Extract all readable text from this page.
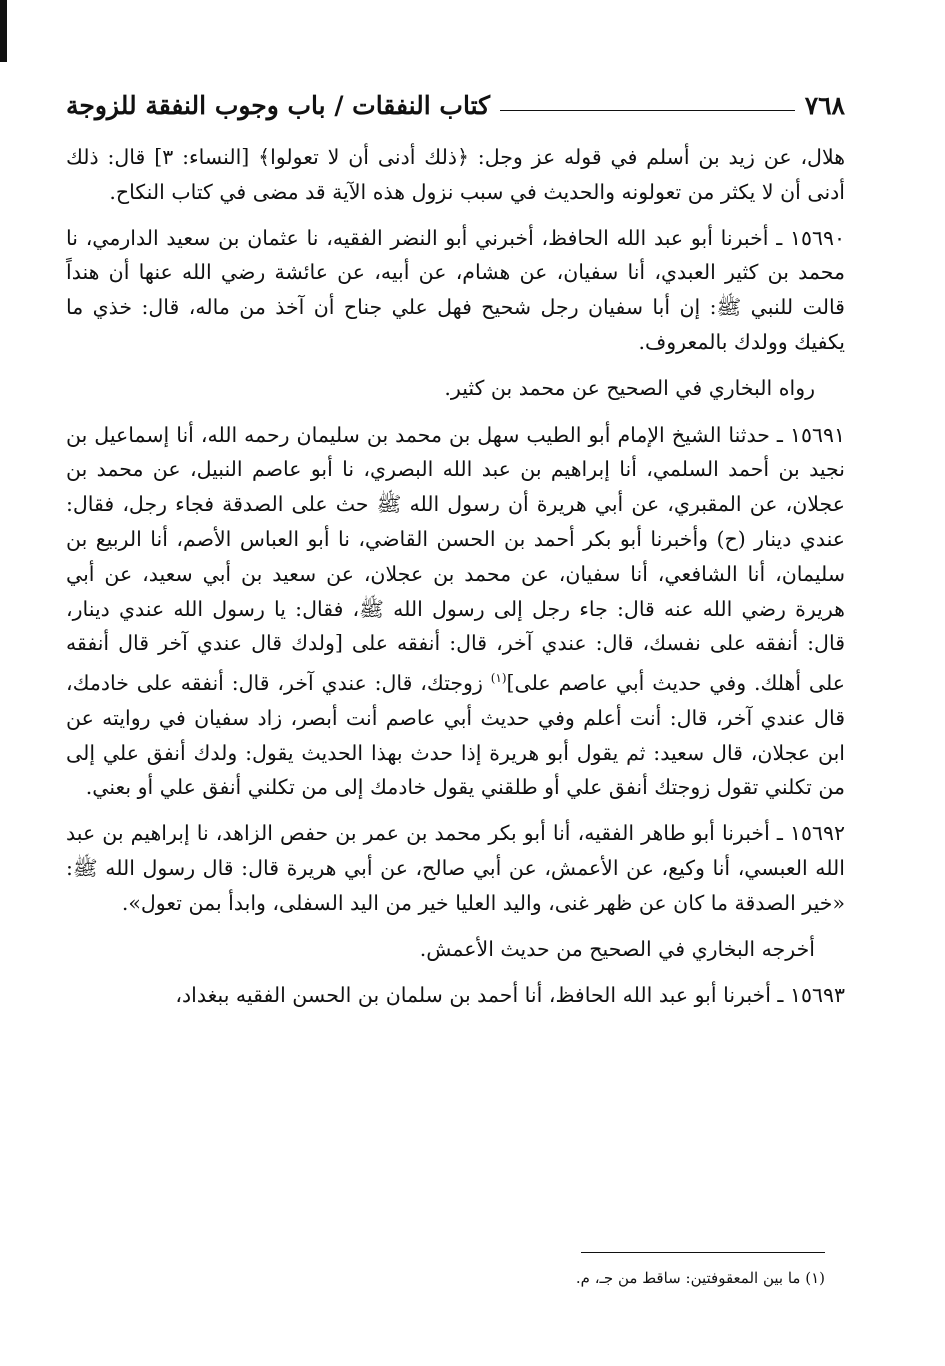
٧٦٨
كتاب النفقات / باب وجوب النفقة للزوجة

هلال، عن زيد بن أسلم في قوله عز وجل: ﴿ذلك أدنى أن لا تعولوا﴾ [النساء: ٣] قال: ذلك أدنى أن لا يكثر من تعولونه والحديث في سبب نزول هذه الآية قد مضى في كتاب النكاح.

١٥٦٩٠ ـ أخبرنا أبو عبد الله الحافظ، أخبرني أبو النضر الفقيه، نا عثمان بن سعيد الدارمي، نا محمد بن كثير العبدي، أنا سفيان، عن هشام، عن أبيه، عن عائشة رضي الله عنها أن هنداً قالت للنبي ﷺ: إن أبا سفيان رجل شحيح فهل علي جناح أن آخذ من ماله، قال: خذي ما يكفيك وولدك بالمعروف.

رواه البخاري في الصحيح عن محمد بن كثير.

١٥٦٩١ ـ حدثنا الشيخ الإمام أبو الطيب سهل بن محمد بن سليمان رحمه الله، أنا إسماعيل بن نجيد بن أحمد السلمي، أنا إبراهيم بن عبد الله البصري، نا أبو عاصم النبيل، عن محمد بن عجلان، عن المقبري، عن أبي هريرة أن رسول الله ﷺ حث على الصدقة فجاء رجل، فقال: عندي دينار (ح) وأخبرنا أبو بكر أحمد بن الحسن القاضي، نا أبو العباس الأصم، أنا الربيع بن سليمان، أنا الشافعي، أنا سفيان، عن محمد بن عجلان، عن سعيد بن أبي سعيد، عن أبي هريرة رضي الله عنه قال: جاء رجل إلى رسول الله ﷺ، فقال: يا رسول الله عندي دينار، قال: أنفقه على نفسك، قال: عندي آخر، قال: أنفقه على [ولدك قال عندي آخر قال أنفقه على أهلك. وفي حديث أبي عاصم على]$^{(١)}$ زوجتك، قال: عندي آخر، قال: أنفقه على خادمك، قال عندي آخر، قال: أنت أعلم وفي حديث أبي عاصم أنت أبصر، زاد سفيان في روايته عن ابن عجلان، قال سعيد: ثم يقول أبو هريرة إذا حدث بهذا الحديث يقول: ولدك أنفق علي إلى من تكلني تقول زوجتك أنفق علي أو طلقني يقول خادمك إلى من تكلني أنفق علي أو بعني.

١٥٦٩٢ ـ أخبرنا أبو طاهر الفقيه، أنا أبو بكر محمد بن عمر بن حفص الزاهد، نا إبراهيم بن عبد الله العبسي، أنا وكيع، عن الأعمش، عن أبي صالح، عن أبي هريرة قال: قال رسول الله ﷺ: «خير الصدقة ما كان عن ظهر غنى، واليد العليا خير من اليد السفلى، وابدأ بمن تعول».

أخرجه البخاري في الصحيح من حديث الأعمش.

١٥٦٩٣ ـ أخبرنا أبو عبد الله الحافظ، أنا أحمد بن سلمان بن الحسن الفقيه ببغداد،

(١) ما بين المعقوفتين: ساقط من جـ، م.
